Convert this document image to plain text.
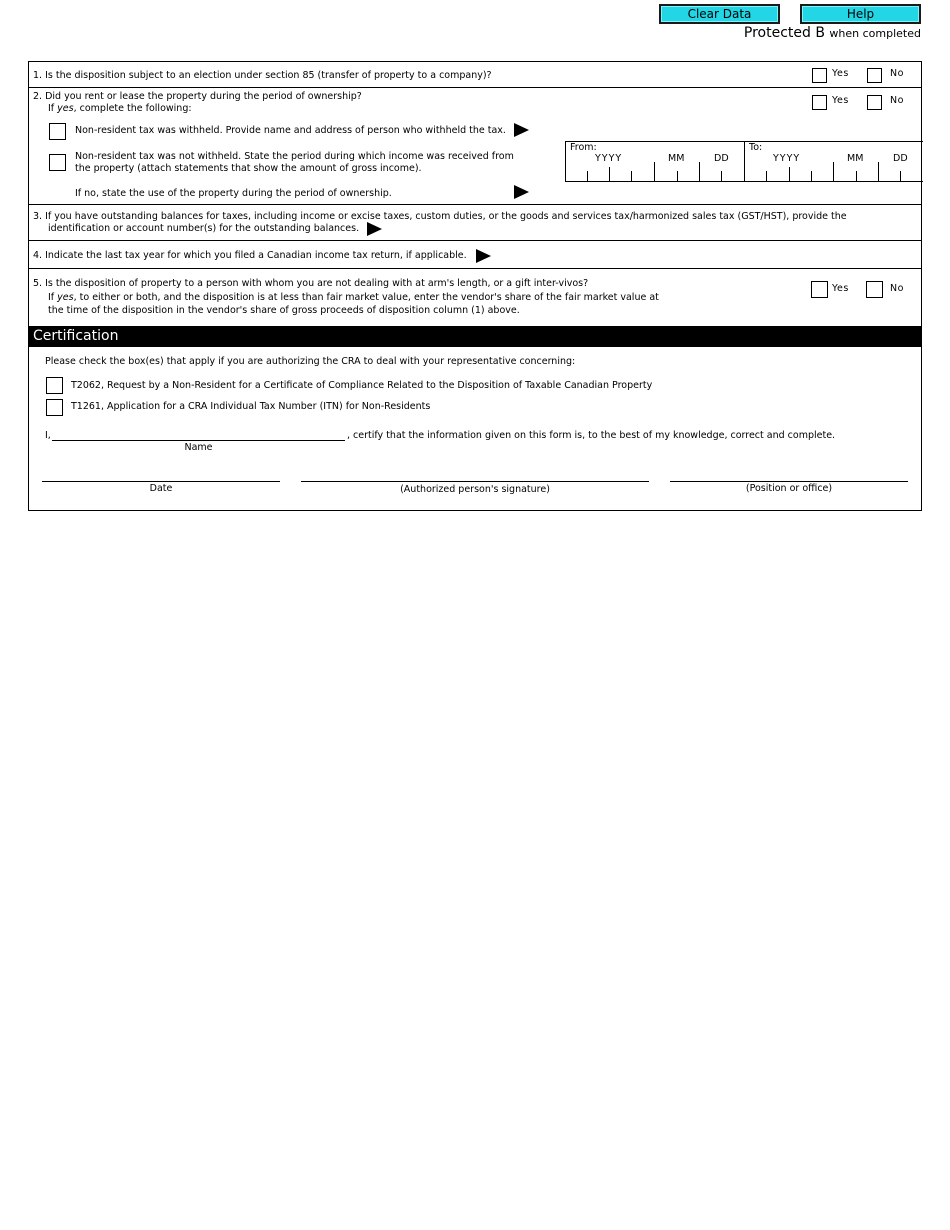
Clear Data	Help
Protected B when completed
1. Is the disposition subject to an election under section 85 (transfer of property to a company)?	Yes	No
2. Did you rent or lease the property during the period of ownership?
If yes, complete the following:
Yes	No
Non-resident tax was withheld. Provide name and address of person who withheld the tax.
Non-resident tax was not withheld. State the period during which income was received from
the property (attach statements that show the amount of gross income).
From:	To:
YYYY	MM	DD	YYYY	MM	DD
If no, state the use of the property during the period of ownership.
3. If you have outstanding balances for taxes, including income or excise taxes, custom duties, or the goods and services tax/harmonized sales tax (GST/HST), provide the
identification or account number(s) for the outstanding balances.
4. Indicate the last tax year for which you filed a Canadian income tax return, if applicable.
5. Is the disposition of property to a person with whom you are not dealing with at arm's length, or a gift inter-vivos?
If yes, to either or both, and the disposition is at less than fair market value, enter the vendor's share of the fair market value at
the time of the disposition in the vendor's share of gross proceeds of disposition column (1) above.
Yes	No
Certification
Please check the box(es) that apply if you are authorizing the CRA to deal with your representative concerning:
T2062, Request by a Non-Resident for a Certificate of Compliance Related to the Disposition of Taxable Canadian Property
T1261, Application for a CRA Individual Tax Number (ITN) for Non-Residents
I,	, certify that the information given on this form is, to the best of my knowledge, correct and complete.
Name
Date	(Authorized person's signature)	(Position or office)
